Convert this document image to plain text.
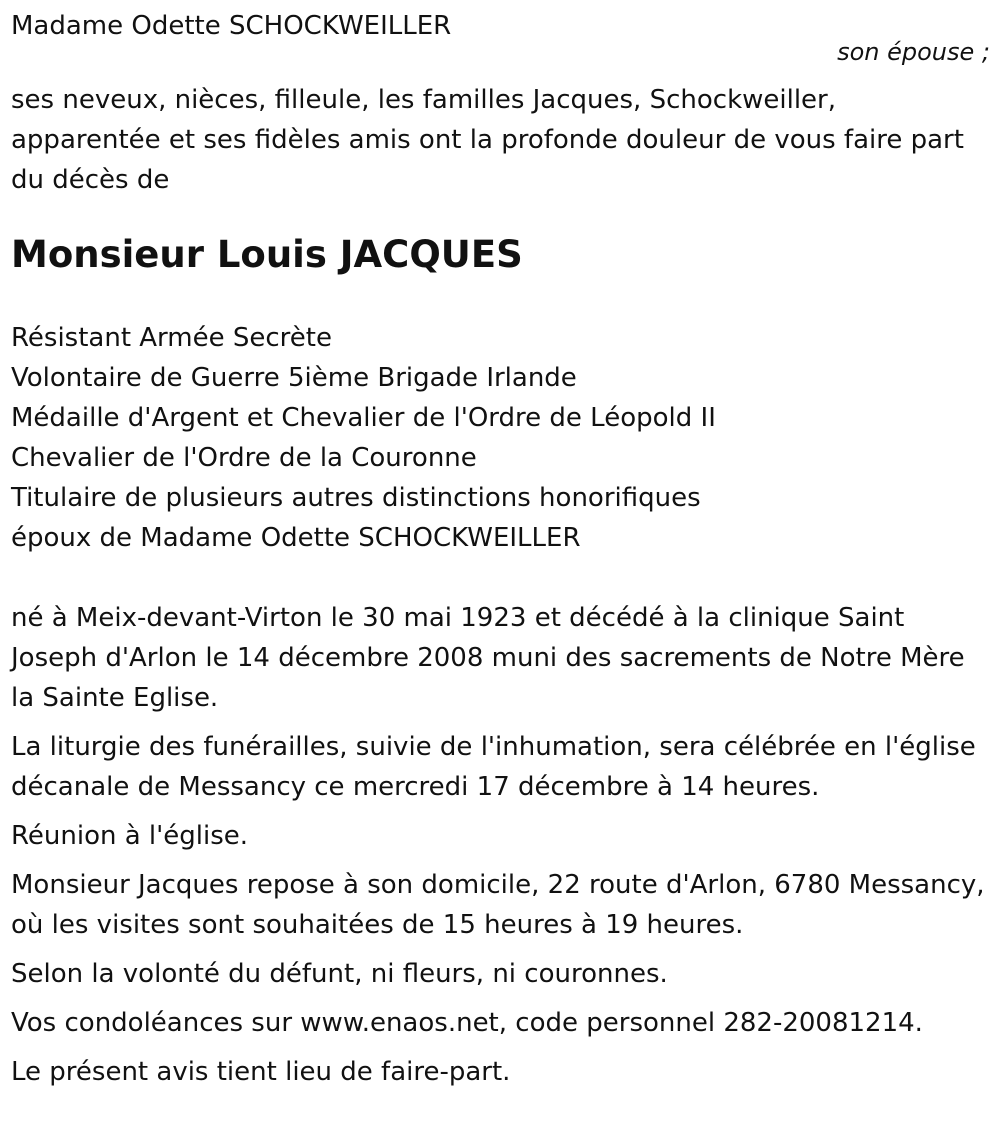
Madame Odette SCHOCKWEILLER

son épouse ;

ses neveux, nièces, filleule, les familles Jacques, Schockweiller, apparentée et ses fidèles amis ont la profonde douleur de vous faire part du décès de

Monsieur Louis JACQUES

Résistant Armée Secrète
Volontaire de Guerre 5ième Brigade Irlande
Médaille d'Argent et Chevalier de l'Ordre de Léopold II
Chevalier de l'Ordre de la Couronne
Titulaire de plusieurs autres distinctions honorifiques
époux de Madame Odette SCHOCKWEILLER

né à Meix-devant-Virton le 30 mai 1923 et décédé à la clinique Saint Joseph d'Arlon le 14 décembre 2008 muni des sacrements de Notre Mère la Sainte Eglise.

La liturgie des funérailles, suivie de l'inhumation, sera célébrée en l'église décanale de Messancy ce mercredi 17 décembre à 14 heures.

Réunion à l'église.

Monsieur Jacques repose à son domicile, 22 route d'Arlon, 6780 Messancy, où les visites sont souhaitées de 15 heures à 19 heures.

Selon la volonté du défunt, ni fleurs, ni couronnes.

Vos condoléances sur www.enaos.net, code personnel 282-20081214.

Le présent avis tient lieu de faire-part.
